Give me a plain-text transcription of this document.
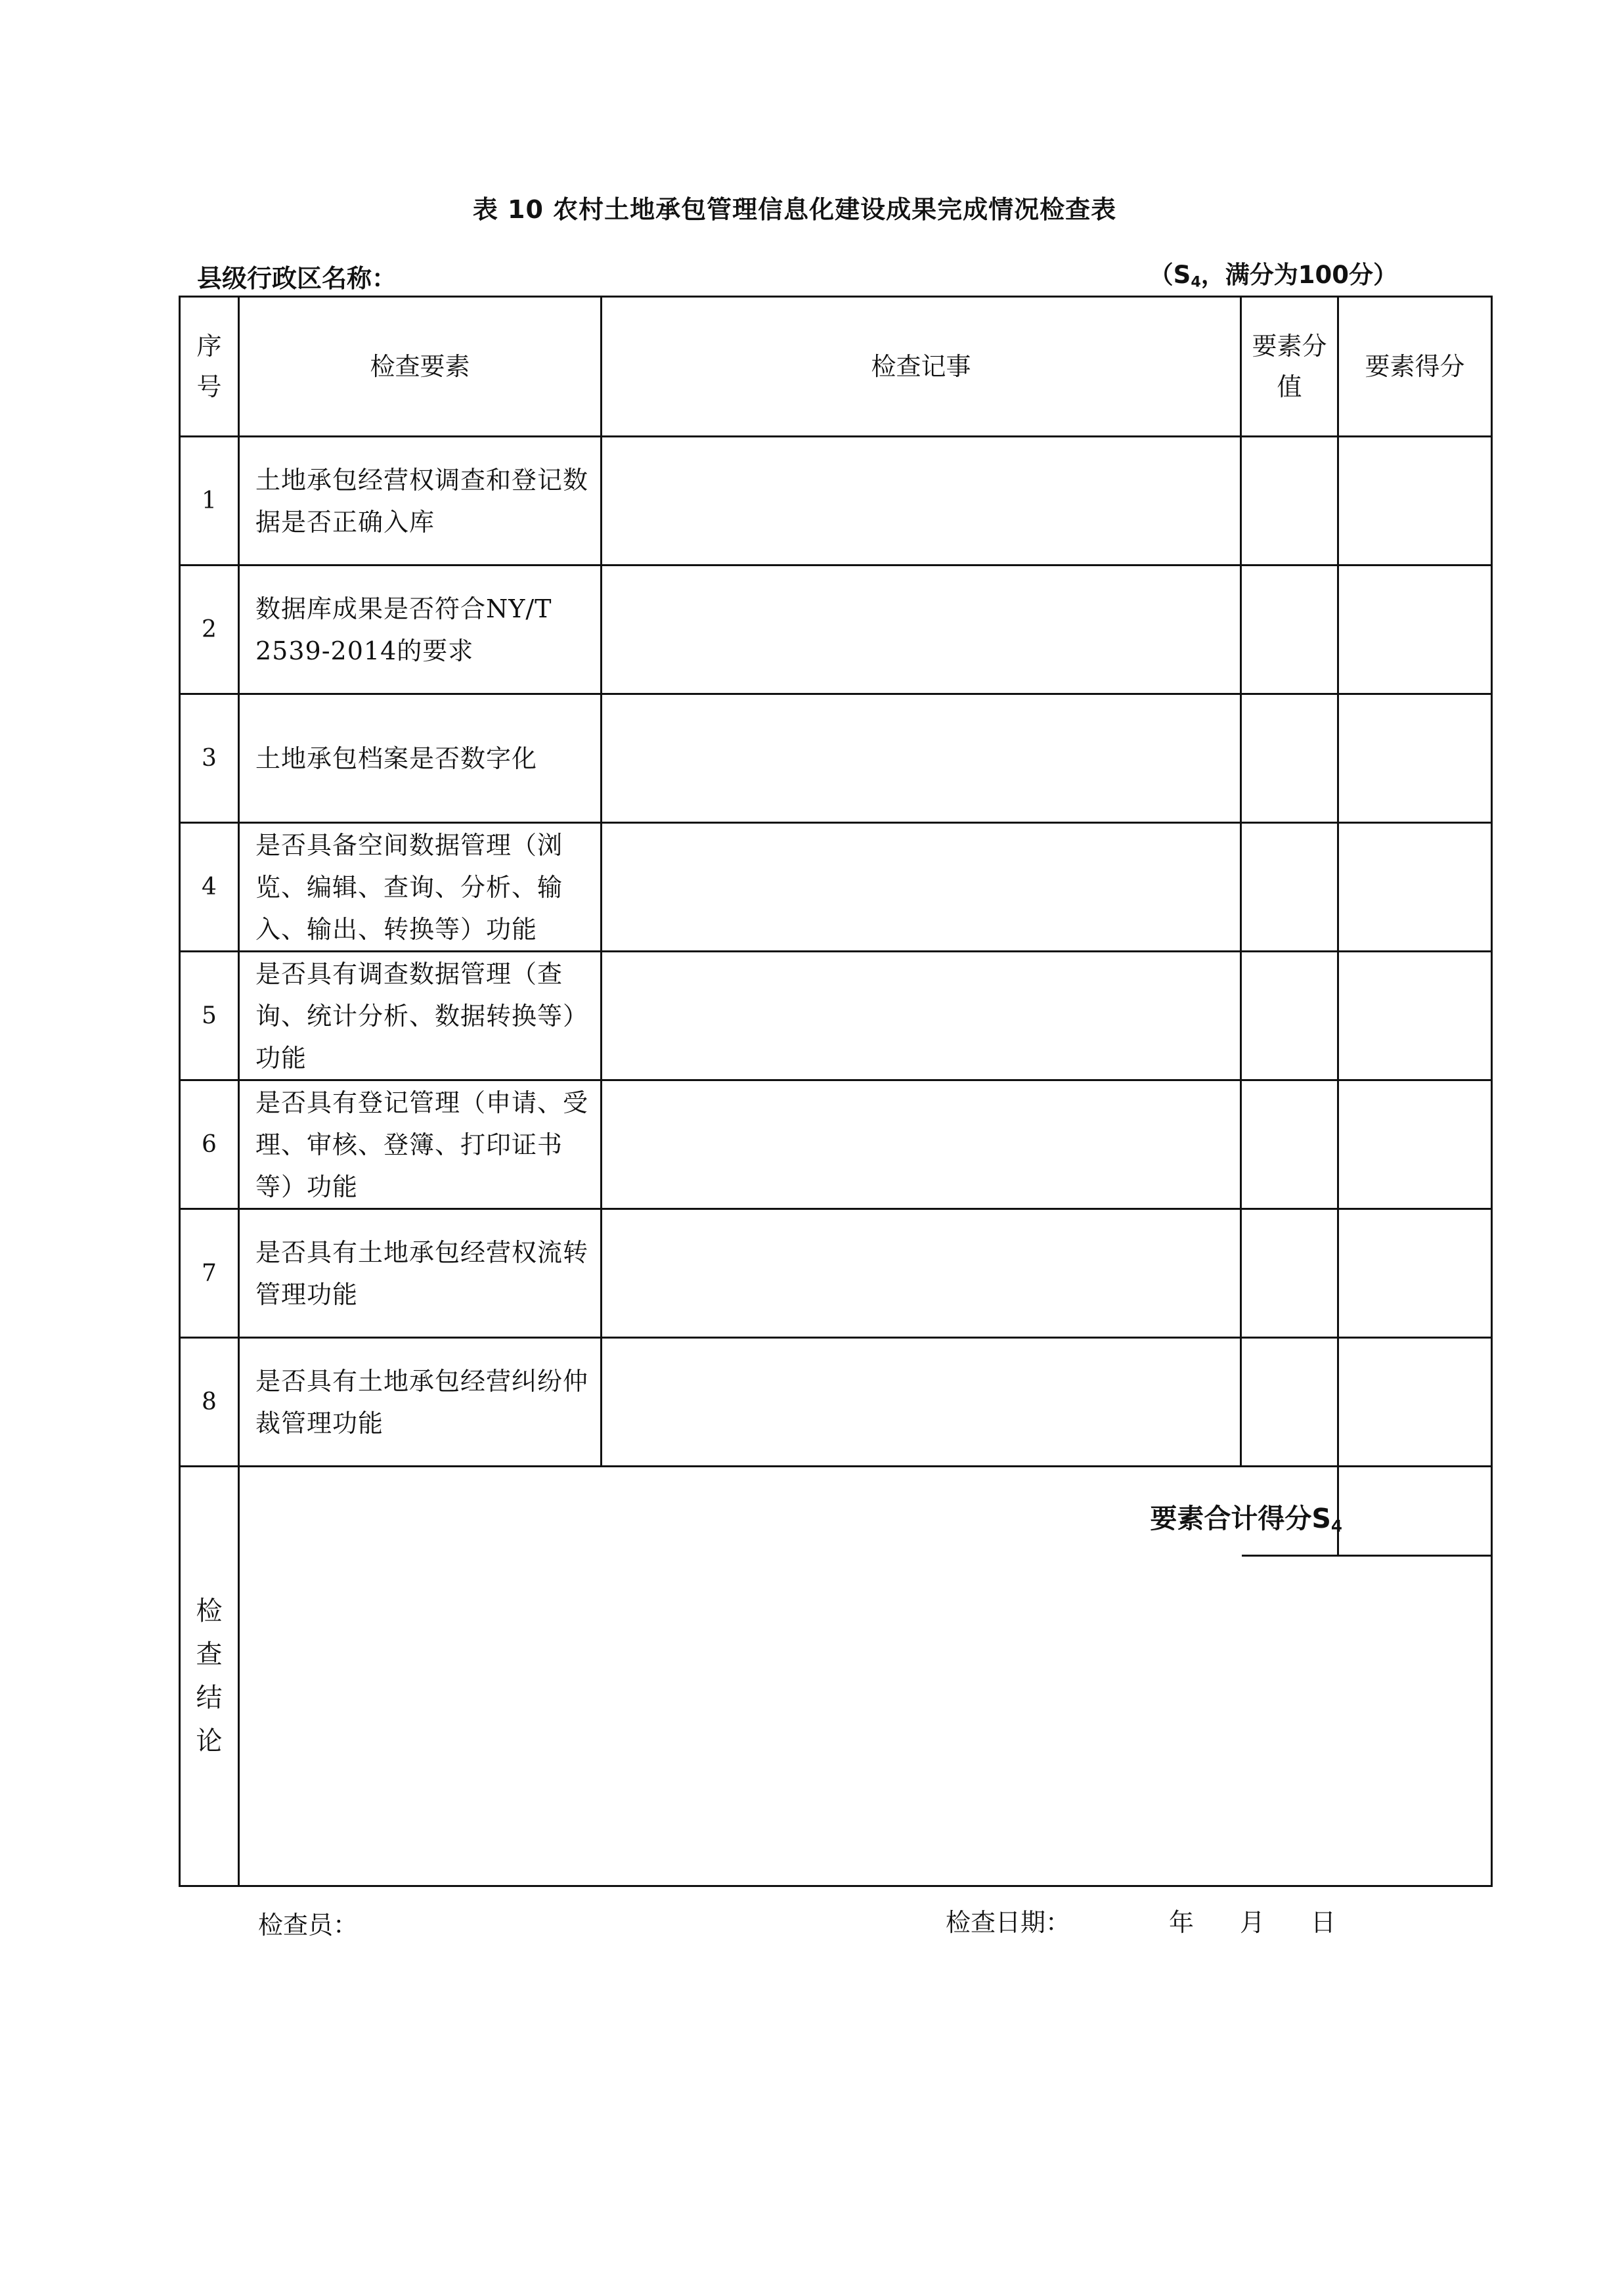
表 10 农村土地承包管理信息化建设成果完成情况检查表
县级行政区名称：	（$S_4$，满分为100分）
序号	检查要素	检查记事	要素分值	要素得分
1	土地承包经营权调查和登记数据是否正确入库			
2	数据库成果是否符合NY/T 2539-2014的要求			
3	土地承包档案是否数字化			
4	是否具备空间数据管理（浏览、编辑、查询、分析、输入、输出、转换等）功能			
5	是否具有调查数据管理（查询、统计分析、数据转换等）功能			
6	是否具有登记管理（申请、受理、审核、登簿、打印证书等）功能			
7	是否具有土地承包经营权流转管理功能			
8	是否具有土地承包经营纠纷仲裁管理功能			
检查结论			要素合计得分$S_4$

检查员：	检查日期：	年 月 日
